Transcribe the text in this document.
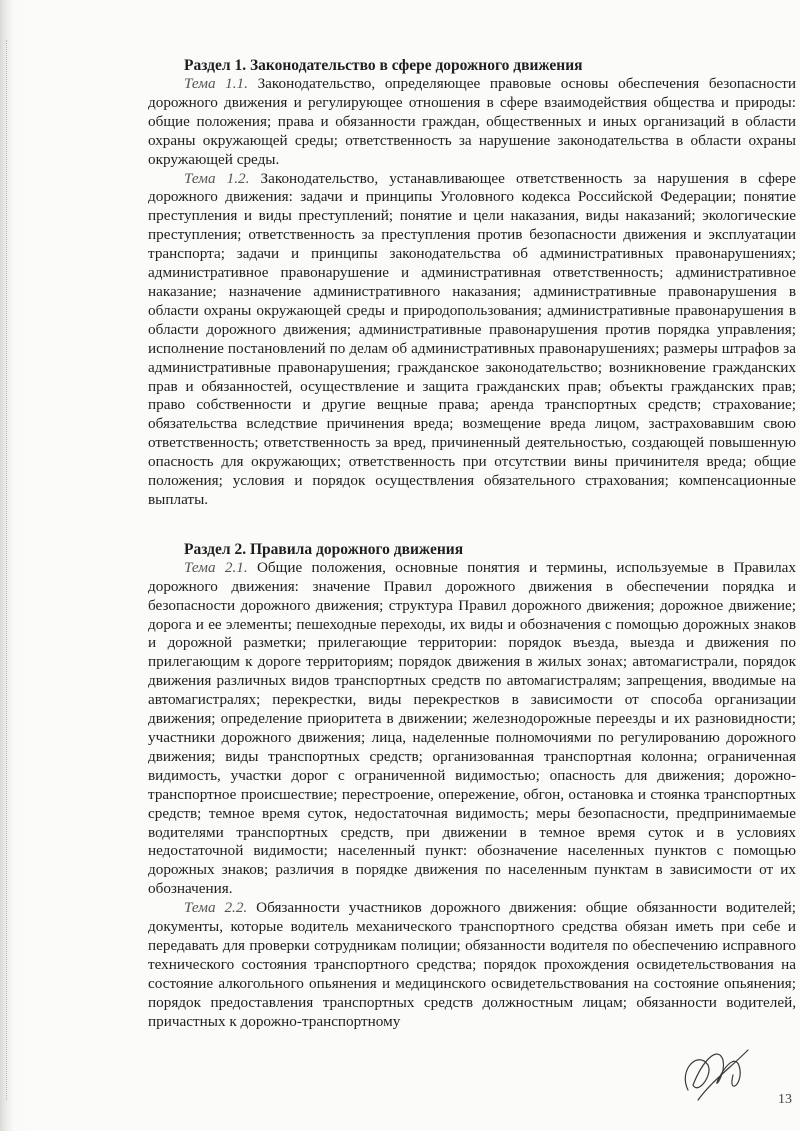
Раздел 1. Законодательство в сфере дорожного движения

Тема 1.1. Законодательство, определяющее правовые основы обеспечения безопасности дорожного движения и регулирующее отношения в сфере взаимодействия общества и природы: общие положения; права и обязанности граждан, общественных и иных организаций в области охраны окружающей среды; ответственность за нарушение законодательства в области охраны окружающей среды.

Тема 1.2. Законодательство, устанавливающее ответственность за нарушения в сфере дорожного движения: задачи и принципы Уголовного кодекса Российской Федерации; понятие преступления и виды преступлений; понятие и цели наказания, виды наказаний; экологические преступления; ответственность за преступления против безопасности движения и эксплуатации транспорта; задачи и принципы законодательства об административных правонарушениях; административное правонарушение и административная ответственность; административное наказание; назначение административного наказания; административные правонарушения в области охраны окружающей среды и природопользования; административные правонарушения в области дорожного движения; административные правонарушения против порядка управления; исполнение постановлений по делам об административных правонарушениях; размеры штрафов за административные правонарушения; гражданское законодательство; возникновение гражданских прав и обязанностей, осуществление и защита гражданских прав; объекты гражданских прав; право собственности и другие вещные права; аренда транспортных средств; страхование; обязательства вследствие причинения вреда; возмещение вреда лицом, застраховавшим свою ответственность; ответственность за вред, причиненный деятельностью, создающей повышенную опасность для окружающих; ответственность при отсутствии вины причинителя вреда; общие положения; условия и порядок осуществления обязательного страхования; компенсационные выплаты.

Раздел 2. Правила дорожного движения

Тема 2.1. Общие положения, основные понятия и термины, используемые в Правилах дорожного движения: значение Правил дорожного движения в обеспечении порядка и безопасности дорожного движения; структура Правил дорожного движения; дорожное движение; дорога и ее элементы; пешеходные переходы, их виды и обозначения с помощью дорожных знаков и дорожной разметки; прилегающие территории: порядок въезда, выезда и движения по прилегающим к дороге территориям; порядок движения в жилых зонах; автомагистрали, порядок движения различных видов транспортных средств по автомагистралям; запрещения, вводимые на автомагистралях; перекрестки, виды перекрестков в зависимости от способа организации движения; определение приоритета в движении; железнодорожные переезды и их разновидности; участники дорожного движения; лица, наделенные полномочиями по регулированию дорожного движения; виды транспортных средств; организованная транспортная колонна; ограниченная видимость, участки дорог с ограниченной видимостью; опасность для движения; дорожно-транспортное происшествие; перестроение, опережение, обгон, остановка и стоянка транспортных средств; темное время суток, недостаточная видимость; меры безопасности, предпринимаемые водителями транспортных средств, при движении в темное время суток и в условиях недостаточной видимости; населенный пункт: обозначение населенных пунктов с помощью дорожных знаков; различия в порядке движения по населенным пунктам в зависимости от их обозначения.

Тема 2.2. Обязанности участников дорожного движения: общие обязанности водителей; документы, которые водитель механического транспортного средства обязан иметь при себе и передавать для проверки сотрудникам полиции; обязанности водителя по обеспечению исправного технического состояния транспортного средства; порядок прохождения освидетельствования на состояние алкогольного опьянения и медицинского освидетельствования на состояние опьянения; порядок предоставления транспортных средств должностным лицам; обязанности водителей, причастных к дорожно-транспортному

13
